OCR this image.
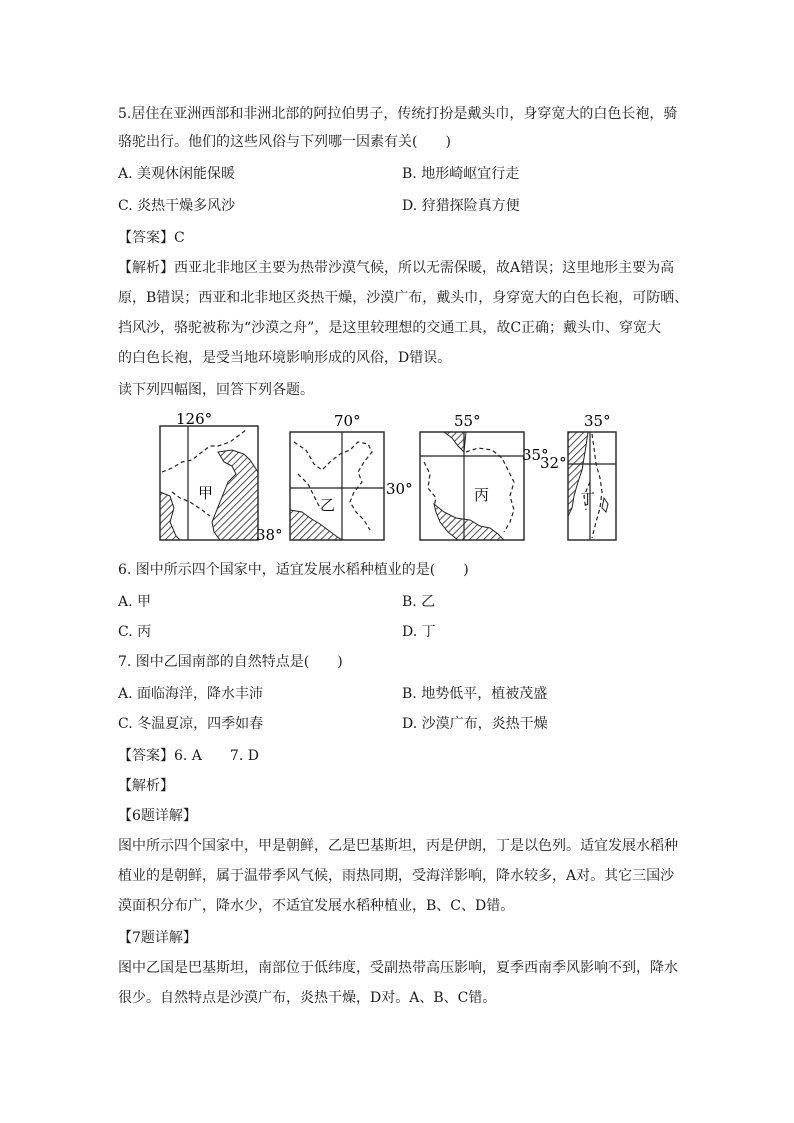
5.居住在亚洲西部和非洲北部的阿拉伯男子，传统打扮是戴头巾，身穿宽大的白色长袍，骑
骆驼出行。他们的这些风俗与下列哪一因素有关(　　)
A. 美观休闲能保暖	B. 地形崎岖宜行走
C. 炎热干燥多风沙	D. 狩猎探险真方便
【答案】C
【解析】西亚北非地区主要为热带沙漠气候，所以无需保暖，故A错误；这里地形主要为高
原，B错误；西亚和北非地区炎热干燥，沙漠广布，戴头巾，身穿宽大的白色长袍，可防晒、
挡风沙，骆驼被称为“沙漠之舟”，是这里较理想的交通工具，故C正确；戴头巾、穿宽大
的白色长袍，是受当地环境影响形成的风俗，D错误。
读下列四幅图，回答下列各题。
126°
甲
38°
70°
乙
30°
55°
丙
35°
35°
丁
32°
6. 图中所示四个国家中，适宜发展水稻种植业的是(　　)
A. 甲	B. 乙
C. 丙	D. 丁
7. 图中乙国南部的自然特点是(　　)
A. 面临海洋，降水丰沛	B. 地势低平，植被茂盛
C. 冬温夏凉，四季如春	D. 沙漠广布，炎热干燥
【答案】6. A　　7. D
【解析】
【6题详解】
图中所示四个国家中，甲是朝鲜，乙是巴基斯坦，丙是伊朗，丁是以色列。适宜发展水稻种
植业的是朝鲜，属于温带季风气候，雨热同期，受海洋影响，降水较多，A对。其它三国沙
漠面积分布广，降水少，不适宜发展水稻种植业，B、C、D错。
【7题详解】
图中乙国是巴基斯坦，南部位于低纬度，受副热带高压影响，夏季西南季风影响不到，降水
很少。自然特点是沙漠广布，炎热干燥，D对。A、B、C错。
